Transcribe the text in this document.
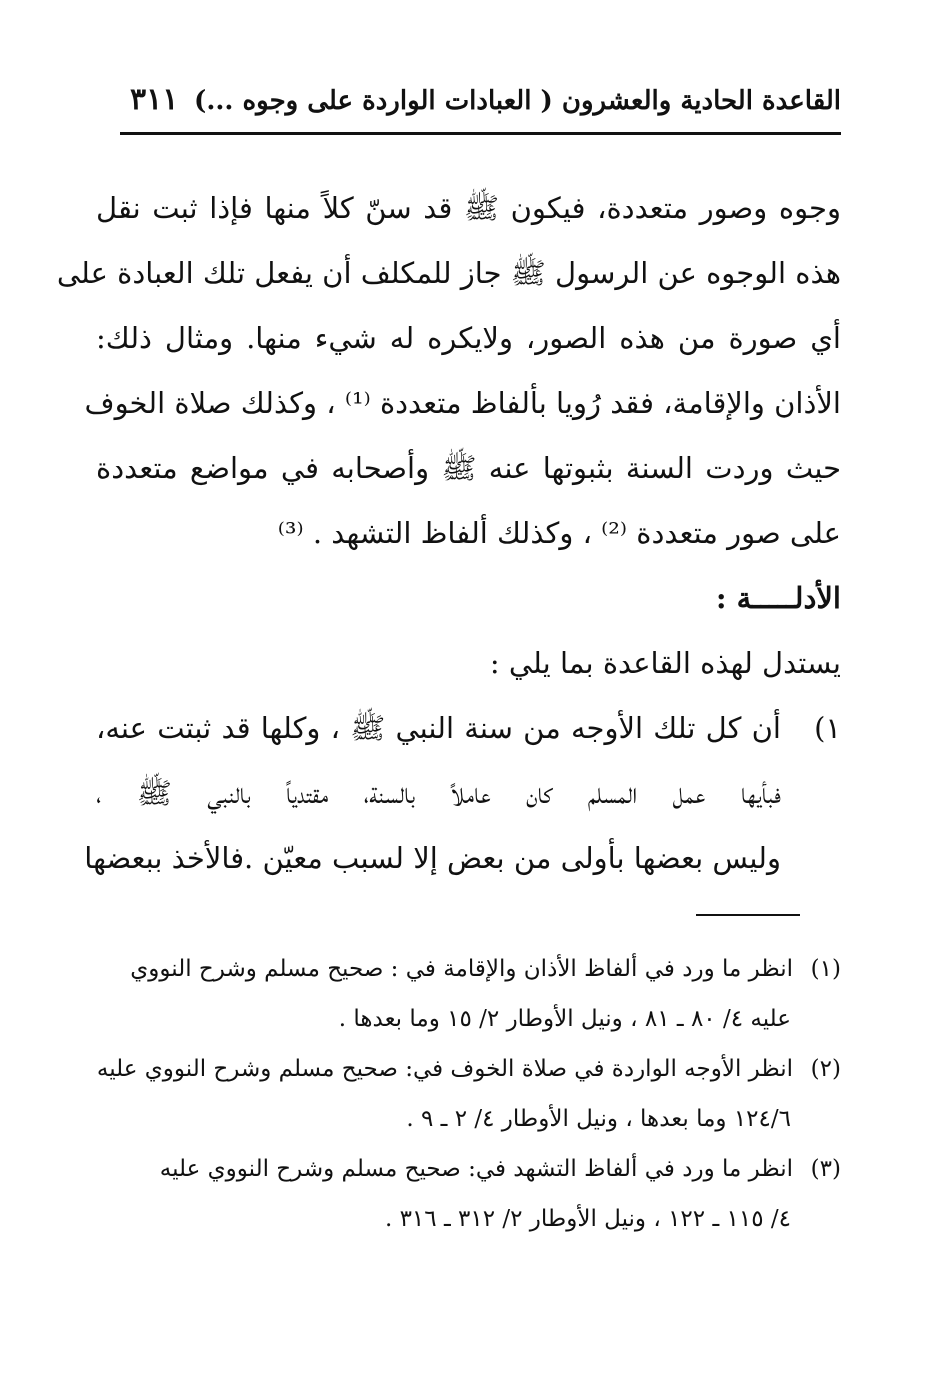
القاعدة الحادية والعشرون ( العبادات الواردة على وجوه ...)
٣١١
وجوه وصور متعددة، فيكون ﷺ قد سنّ كلاً منها فإذا ثبت نقل
هذه الوجوه عن الرسول ﷺ جاز للمكلف أن يفعل تلك العبادة على
أي صورة من هذه الصور، ولايكره له شيء منها. ومثال ذلك:
الأذان والإقامة، فقد رُويا بألفاظ متعددة ⁽¹⁾ ، وكذلك صلاة الخوف
حيث وردت السنة بثبوتها عنه ﷺ وأصحابه في مواضع متعددة
على صور متعددة ⁽²⁾ ، وكذلك ألفاظ التشهد . ⁽³⁾
الأدلـــــة :
يستدل لهذه القاعدة بما يلي :
١)
أن كل تلك الأوجه من سنة النبي ﷺ ، وكلها قد ثبتت عنه،
فبأيها عمل المسلم كان عاملاً بالسنة، مقتدياً بالنبي ﷺ ،
وليس بعضها بأولى من بعض إلا لسبب معيّن .فالأخذ ببعضها
(١)انظر ما ورد في ألفاظ الأذان والإقامة في : صحيح مسلم وشرح النووي
عليه ٤/ ٨٠ ـ ٨١ ، ونيل الأوطار ٢/ ١٥ وما بعدها .
(٢)انظر الأوجه الواردة في صلاة الخوف في: صحيح مسلم وشرح النووي عليه
١٢٤/٦ وما بعدها ، ونيل الأوطار ٤/ ٢ ـ ٩ .
(٣)انظر ما ورد في ألفاظ التشهد في: صحيح مسلم وشرح النووي عليه
٤/ ١١٥ ـ ١٢٢ ، ونيل الأوطار ٢/ ٣١٢ ـ ٣١٦ .
